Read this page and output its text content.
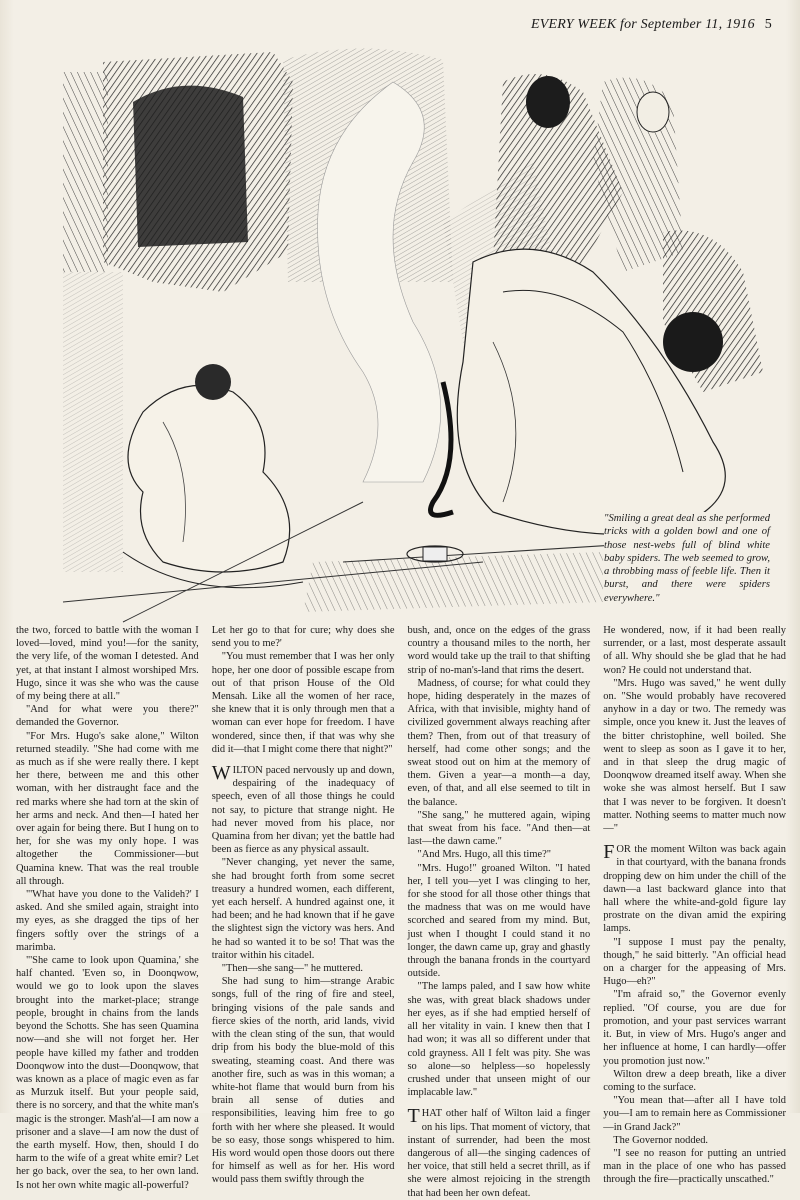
EVERY WEEK for September 11, 1916 5
"Smiling a great deal as she performed tricks with a golden bowl and one of those nest-webs full of blind white baby spiders. The web seemed to grow, a throbbing mass of feeble life. Then it burst, and there were spiders everywhere."

the two, forced to battle with the woman I loved—loved, mind you!—for the sanity, the very life, of the woman I detested. And yet, at that instant I almost worshiped Mrs. Hugo, since it was she who was the cause of my being there at all."

"And for what were you there?" demanded the Governor.

"For Mrs. Hugo's sake alone," Wilton returned steadily. "She had come with me as much as if she were really there. I kept her there, between me and this other woman, with her distraught face and the red marks where she had torn at the skin of her arms and neck. And then—I hated her over again for being there. But I hung on to her, for she was my only hope. I was altogether the Commissioner—but Quamina knew. That was the real trouble all through.

"'What have you done to the Valideh?' I asked. And she smiled again, straight into my eyes, as she dragged the tips of her fingers softly over the strings of a marimba.

"'She came to look upon Quamina,' she half chanted. 'Even so, in Doonqwow, would we go to look upon the slaves brought into the market-place; strange people, brought in chains from the lands beyond the Schotts. She has seen Quamina now—and she will not forget her. Her people have killed my father and trodden Doonqwow into the dust—Doonqwow, that was known as a place of magic even as far as Murzuk itself. But your people said, there is no sorcery, and that the white man's magic is the stronger. Mash'al—I am now a prisoner and a slave—I am now the dust of the earth myself. How, then, should I do harm to the wife of a great white emir? Let her go back, over the sea, to her own land. Is not her own white magic all-powerful?

Let her go to that for cure; why does she send you to me?'

"You must remember that I was her only hope, her one door of possible escape from out of that prison House of the Old Mensah. Like all the women of her race, she knew that it is only through men that a woman can ever hope for freedom. I have wondered, since then, if that was why she did it—that I might come there that night?"

WILTON paced nervously up and down, despairing of the inadequacy of speech, even of all those things he could not say, to picture that strange night. He had never moved from his place, nor Quamina from her divan; yet the battle had been as fierce as any physical assault.

"Never changing, yet never the same, she had brought forth from some secret treasury a hundred women, each different, yet each herself. A hundred against one, it had been; and he had known that if he gave the slightest sign the victory was hers. And he had so wanted it to be so! That was the traitor within his citadel.

"Then—she sang—" he muttered.

She had sung to him—strange Arabic songs, full of the ring of fire and steel, bringing visions of the pale sands and fierce skies of the north, arid lands, vivid with the clean sting of the sun, that would drip from his body the blue-mold of this sweating, steaming coast. And there was another fire, such as was in this woman; a white-hot flame that would burn from his brain all sense of duties and responsibilities, leaving him free to go forth with her where she pleased. It would be so easy, those songs whispered to him. His word would open those doors out there for himself as well as for her. His word would pass them swiftly through the

bush, and, once on the edges of the grass country a thousand miles to the north, her word would take up the trail to that shifting strip of no-man's-land that rims the desert.

Madness, of course; for what could they hope, hiding desperately in the mazes of Africa, with that invisible, mighty hand of civilized government always reaching after them? Then, from out of that treasury of herself, had come other songs; and the sweat stood out on him at the memory of them. Given a year—a month—a day, even, of that, and all else seemed to tilt in the balance.

"She sang," he muttered again, wiping that sweat from his face. "And then—at last—the dawn came."

"And Mrs. Hugo, all this time?"

"Mrs. Hugo!" groaned Wilton. "I hated her, I tell you—yet I was clinging to her, for she stood for all those other things that the madness that was on me would have scorched and seared from my mind. But, just when I thought I could stand it no longer, the dawn came up, gray and ghastly through the banana fronds in the courtyard outside.

"The lamps paled, and I saw how white she was, with great black shadows under her eyes, as if she had emptied herself of all her vitality in vain. I knew then that I had won; it was all so different under that cold grayness. All I felt was pity. She was so alone—so helpless—so hopelessly crushed under that unseen might of our implacable law."

THAT other half of Wilton laid a finger on his lips. That moment of victory, that instant of surrender, had been the most dangerous of all—the singing cadences of her voice, that still held a secret thrill, as if she were almost rejoicing in the strength that had been her own defeat.

He wondered, now, if it had been really surrender, or a last, most desperate assault of all. Why should she be glad that he had won? He could not understand that.

"Mrs. Hugo was saved," he went dully on. "She would probably have recovered anyhow in a day or two. The remedy was simple, once you knew it. Just the leaves of the bitter christophine, well boiled. She went to sleep as soon as I gave it to her, and in that sleep the drug magic of Doonqwow dreamed itself away. When she woke she was almost herself. But I saw that I was never to be forgiven. It doesn't matter. Nothing seems to matter much now—"

FOR the moment Wilton was back again in that courtyard, with the banana fronds dropping dew on him under the chill of the dawn—a last backward glance into that hall where the white-and-gold figure lay prostrate on the divan amid the expiring lamps.

"I suppose I must pay the penalty, though," he said bitterly. "An official head on a charger for the appeasing of Mrs. Hugo—eh?"

"I'm afraid so," the Governor evenly replied. "Of course, you are due for promotion, and your past services warrant it. But, in view of Mrs. Hugo's anger and her influence at home, I can hardly—offer you promotion just now."

Wilton drew a deep breath, like a diver coming to the surface.

"You mean that—after all I have told you—I am to remain here as Commissioner—in Grand Jack?"

The Governor nodded.

"I see no reason for putting an untried man in the place of one who has passed through the fire—practically unscathed."
